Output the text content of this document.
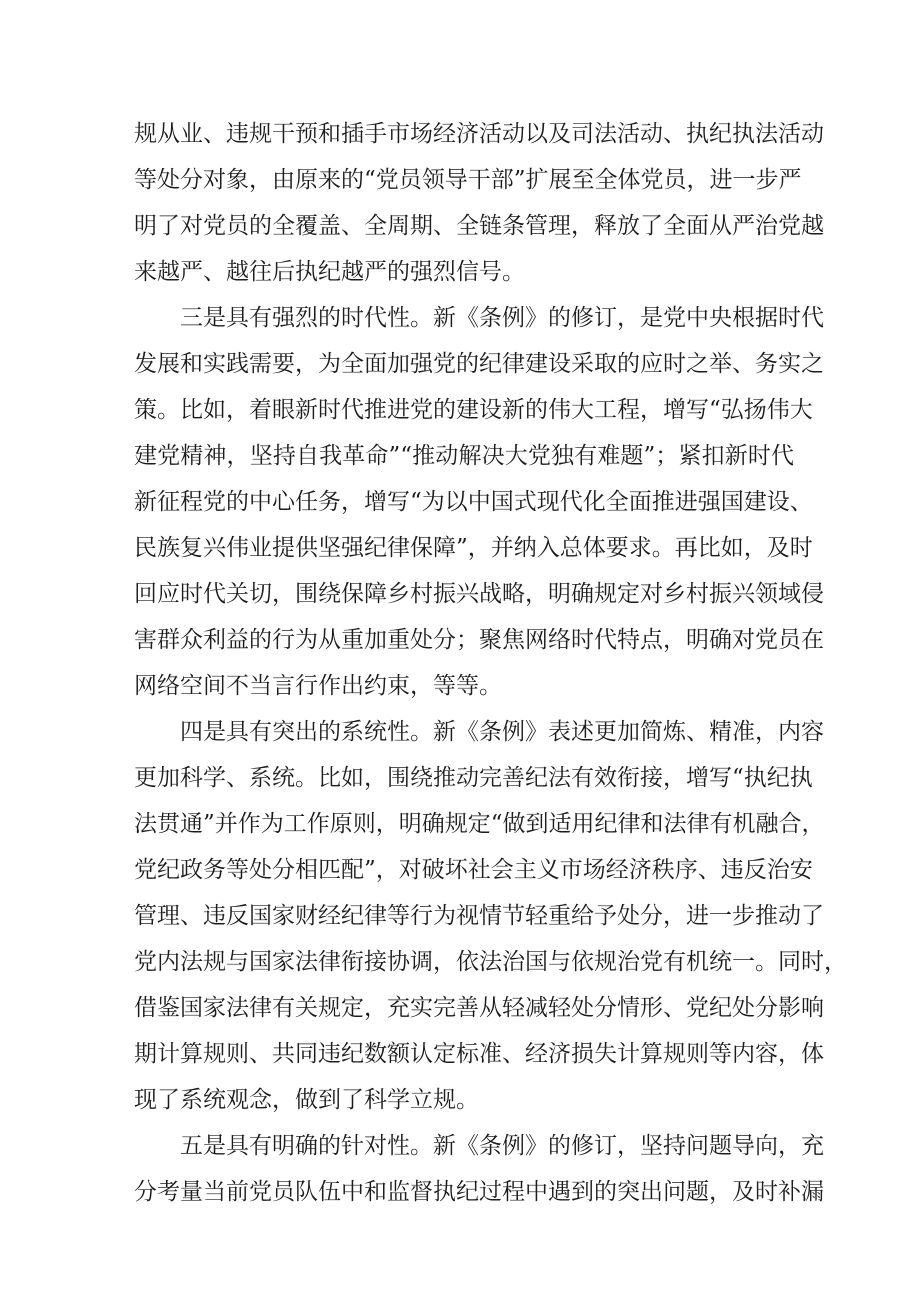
规从业、违规干预和插手市场经济活动以及司法活动、执纪执法活动
等处分对象，由原来的“党员领导干部”扩展至全体党员，进一步严
明了对党员的全覆盖、全周期、全链条管理，释放了全面从严治党越
来越严、越往后执纪越严的强烈信号。
三是具有强烈的时代性。新《条例》的修订，是党中央根据时代
发展和实践需要，为全面加强党的纪律建设采取的应时之举、务实之
策。比如，着眼新时代推进党的建设新的伟大工程，增写“弘扬伟大
建党精神，坚持自我革命”“推动解决大党独有难题”；紧扣新时代
新征程党的中心任务，增写“为以中国式现代化全面推进强国建设、
民族复兴伟业提供坚强纪律保障”，并纳入总体要求。再比如，及时
回应时代关切，围绕保障乡村振兴战略，明确规定对乡村振兴领域侵
害群众利益的行为从重加重处分；聚焦网络时代特点，明确对党员在
网络空间不当言行作出约束，等等。
四是具有突出的系统性。新《条例》表述更加简炼、精准，内容
更加科学、系统。比如，围绕推动完善纪法有效衔接，增写“执纪执
法贯通”并作为工作原则，明确规定“做到适用纪律和法律有机融合，
党纪政务等处分相匹配”，对破坏社会主义市场经济秩序、违反治安
管理、违反国家财经纪律等行为视情节轻重给予处分，进一步推动了
党内法规与国家法律衔接协调，依法治国与依规治党有机统一。同时，
借鉴国家法律有关规定，充实完善从轻减轻处分情形、党纪处分影响
期计算规则、共同违纪数额认定标准、经济损失计算规则等内容，体
现了系统观念，做到了科学立规。
五是具有明确的针对性。新《条例》的修订，坚持问题导向，充
分考量当前党员队伍中和监督执纪过程中遇到的突出问题，及时补漏
